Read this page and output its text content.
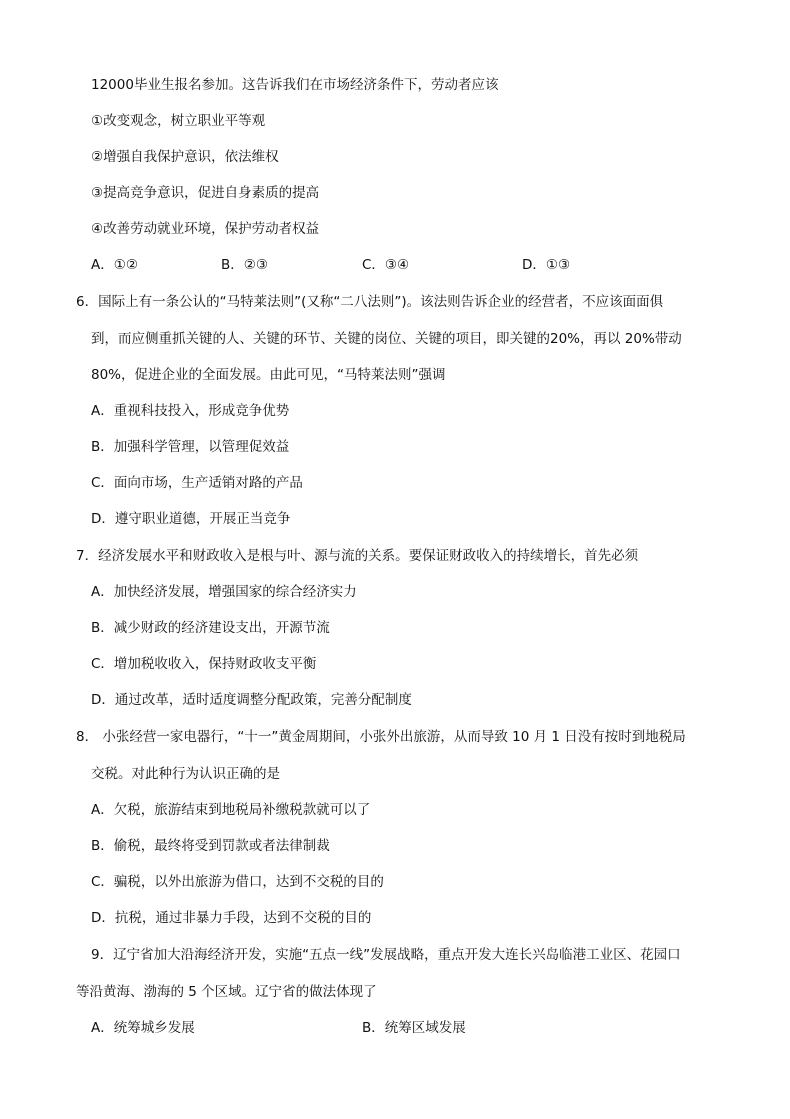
12000毕业生报名参加。这告诉我们在市场经济条件下，劳动者应该
①改变观念，树立职业平等观
②增强自我保护意识，依法维权
③提高竞争意识，促进自身素质的提高
④改善劳动就业环境，保护劳动者权益
A．①②	B．②③	C．③④	D．①③
6．国际上有一条公认的“马特莱法则”(又称“二八法则”)。该法则告诉企业的经营者，不应该面面俱
到，而应侧重抓关键的人、关键的环节、关键的岗位、关键的项目，即关键的20%，再以 20%带动
80%，促进企业的全面发展。由此可见，“马特莱法则”强调
A．重视科技投入，形成竞争优势
B．加强科学管理，以管理促效益
C．面向市场，生产适销对路的产品
D．遵守职业道德，开展正当竞争
7．经济发展水平和财政收入是根与叶、源与流的关系。要保证财政收入的持续增长，首先必须
A．加快经济发展，增强国家的综合经济实力
B．减少财政的经济建设支出，开源节流
C．增加税收收入，保持财政收支平衡
D．通过改革，适时适度调整分配政策，完善分配制度
8． 小张经营一家电器行，“十一”黄金周期间，小张外出旅游，从而导致 10 月 1 日没有按时到地税局
交税。对此种行为认识正确的是
A．欠税，旅游结束到地税局补缴税款就可以了
B．偷税，最终将受到罚款或者法律制裁
C．骗税，以外出旅游为借口，达到不交税的目的
D．抗税，通过非暴力手段，达到不交税的目的
9．辽宁省加大沿海经济开发，实施“五点一线”发展战略，重点开发大连长兴岛临港工业区、花园口
等沿黄海、渤海的 5 个区域。辽宁省的做法体现了
A．统筹城乡发展	B．统筹区域发展
